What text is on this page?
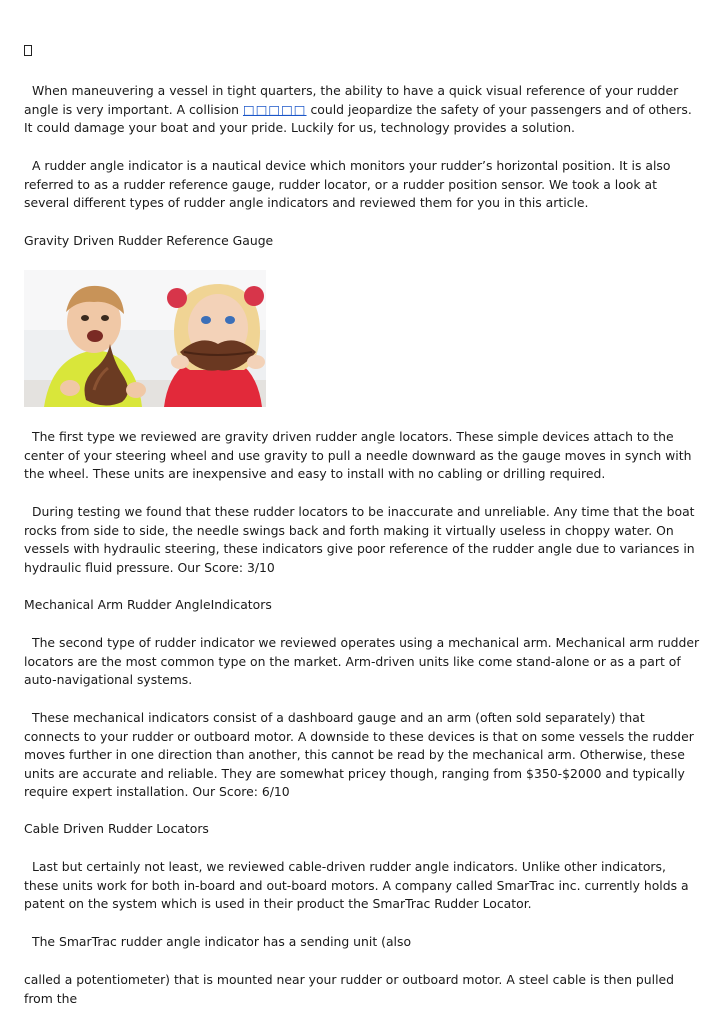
When maneuvering a vessel in tight quarters, the ability to have a quick visual reference of your rudder angle is very important. A collision □□□□□ could jeopardize the safety of your passengers and of others. It could damage your boat and your pride. Luckily for us, technology provides a solution.

A rudder angle indicator is a nautical device which monitors your rudder’s horizontal position. It is also referred to as a rudder reference gauge, rudder locator, or a rudder position sensor. We took a look at several different types of rudder angle indicators and reviewed them for you in this article.

Gravity Driven Rudder Reference Gauge

The first type we reviewed are gravity driven rudder angle locators. These simple devices attach to the center of your steering wheel and use gravity to pull a needle downward as the gauge moves in synch with the wheel. These units are inexpensive and easy to install with no cabling or drilling required.

During testing we found that these rudder locators to be inaccurate and unreliable. Any time that the boat rocks from side to side, the needle swings back and forth making it virtually useless in choppy water. On vessels with hydraulic steering, these indicators give poor reference of the rudder angle due to variances in hydraulic fluid pressure. Our Score: 3/10

Mechanical Arm Rudder AngleIndicators

The second type of rudder indicator we reviewed operates using a mechanical arm. Mechanical arm rudder locators are the most common type on the market. Arm-driven units like come stand-alone or as a part of auto-navigational systems.

These mechanical indicators consist of a dashboard gauge and an arm (often sold separately) that connects to your rudder or outboard motor. A downside to these devices is that on some vessels the rudder moves further in one direction than another, this cannot be read by the mechanical arm. Otherwise, these units are accurate and reliable. They are somewhat pricey though, ranging from $350-$2000 and typically require expert installation. Our Score: 6/10

Cable Driven Rudder Locators

Last but certainly not least, we reviewed cable-driven rudder angle indicators. Unlike other indicators, these units work for both in-board and out-board motors. A company called SmarTrac inc. currently holds a patent on the system which is used in their product the SmarTrac Rudder Locator.

The SmarTrac rudder angle indicator has a sending unit (also

called a potentiometer) that is mounted near your rudder or outboard motor. A steel cable is then pulled from the
